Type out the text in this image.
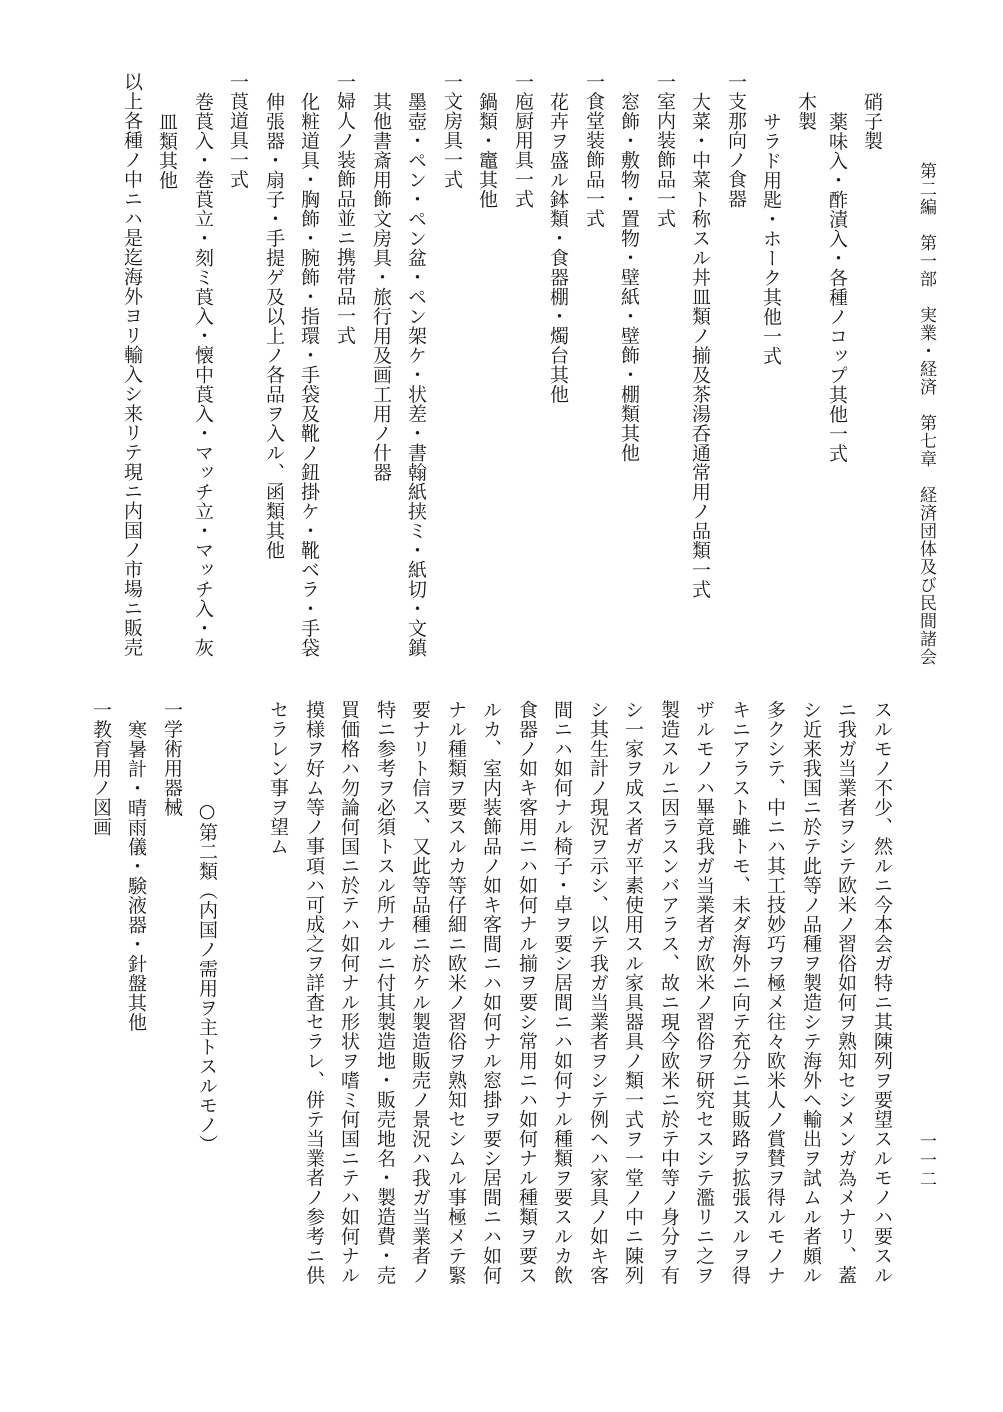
第二編　第一部　実業・経済　第七章　経済団体及び民間諸会
一一二
硝子製
薬味入・酢漬入・各種ノコップ其他一式
木製
サラド用匙・ホーク其他一式
一支那向ノ食器
大菜・中菜ト称スル丼皿類ノ揃及茶湯呑通常用ノ品類一式
一室内装飾品一式
窓飾・敷物・置物・壁紙・壁飾・棚類其他
一食堂装飾品一式
花卉ヲ盛ル鉢類・食器棚・燭台其他
一庖厨用具一式
鍋類・竈其他
一文房具一式
墨壺・ペン・ペン盆・ペン架ケ・状差・書翰紙挟ミ・紙切・文鎮
其他書斎用飾文房具・旅行用及画工用ノ什器
一婦人ノ装飾品並ニ携帯品一式
化粧道具・胸飾・腕飾・指環・手袋及靴ノ鈕掛ケ・靴ベラ・手袋
伸張器・扇子・手提ゲ及以上ノ各品ヲ入ル、函類其他
一莨道具一式
巻莨入・巻莨立・刻ミ莨入・懐中莨入・マッチ立・マッチ入・灰
皿類其他
以上各種ノ中ニハ是迄海外ヨリ輸入シ来リテ現ニ内国ノ市場ニ販売
スルモノ不少、然ルニ今本会ガ特ニ其陳列ヲ要望スルモノハ要スル
ニ我ガ当業者ヲシテ欧米ノ習俗如何ヲ熟知セシメンガ為メナリ、蓋
シ近来我国ニ於テ此等ノ品種ヲ製造シテ海外ヘ輸出ヲ試ムル者頗ル
多クシテ、中ニハ其工技妙巧ヲ極メ往々欧米人ノ賞賛ヲ得ルモノナ
キニアラスト雖トモ、未ダ海外ニ向テ充分ニ其販路ヲ拡張スルヲ得
ザルモノハ畢竟我ガ当業者ガ欧米ノ習俗ヲ研究セスシテ濫リニ之ヲ
製造スルニ因ラスンバアラス、故ニ現今欧米ニ於テ中等ノ身分ヲ有
シ一家ヲ成ス者ガ平素使用スル家具器具ノ類一式ヲ一堂ノ中ニ陳列
シ其生計ノ現況ヲ示シ、以テ我ガ当業者ヲシテ例ヘハ家具ノ如キ客
間ニハ如何ナル椅子・卓ヲ要シ居間ニハ如何ナル種類ヲ要スルカ飲
食器ノ如キ客用ニハ如何ナル揃ヲ要シ常用ニハ如何ナル種類ヲ要ス
ルカ、室内装飾品ノ如キ客間ニハ如何ナル窓掛ヲ要シ居間ニハ如何
ナル種類ヲ要スルカ等仔細ニ欧米ノ習俗ヲ熟知セシムル事極メテ緊
要ナリト信ス、又此等品種ニ於ケル製造販売ノ景況ハ我ガ当業者ノ
特ニ参考ヲ必須トスル所ナルニ付其製造地・販売地名・製造費・売
買価格ハ勿論何国ニ於テハ如何ナル形状ヲ嗜ミ何国ニテハ如何ナル
摸様ヲ好ム等ノ事項ハ可成之ヲ詳査セラレ、併テ当業者ノ参考ニ供
セラレン事ヲ望ム
○第二類（内国ノ需用ヲ主トスルモノ）
一学術用器械
寒暑計・晴雨儀・験液器・針盤其他
一教育用ノ図画
